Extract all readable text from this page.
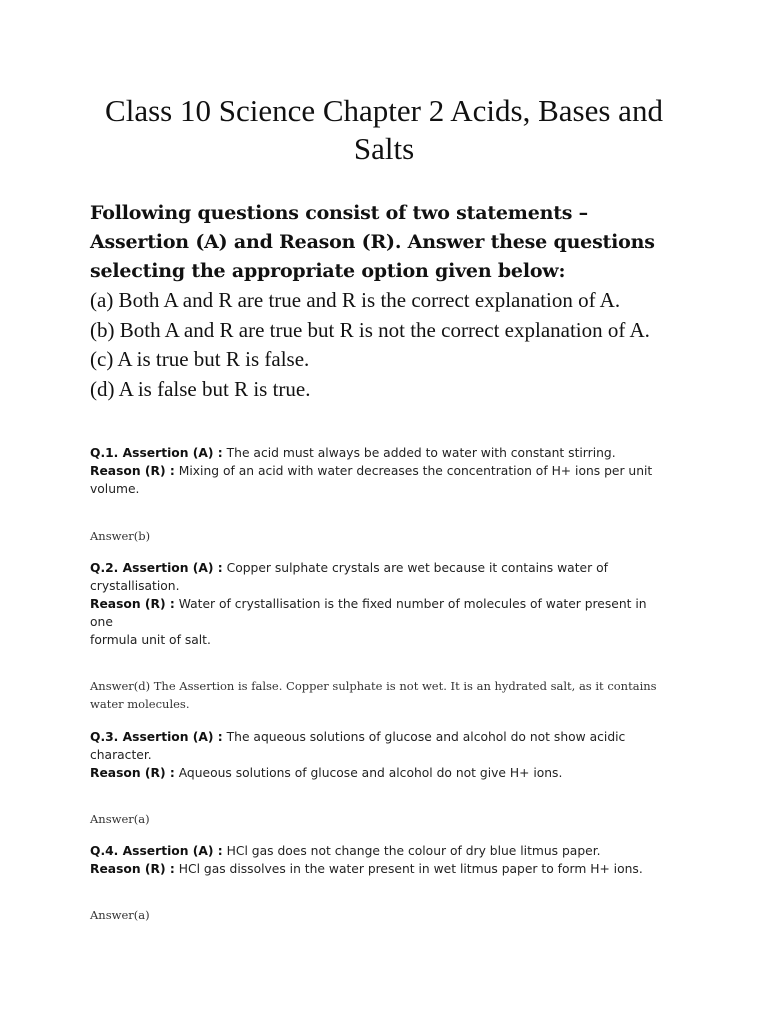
Class 10 Science Chapter 2 Acids, Bases and
Salts

Following questions consist of two statements – Assertion (A) and Reason (R). Answer these questions selecting the appropriate option given below:

(a) Both A and R are true and R is the correct explanation of A.
(b) Both A and R are true but R is not the correct explanation of A.
(c) A is true but R is false.
(d) A is false but R is true.
Q.1. Assertion (A) : The acid must always be added to water with constant stirring.
Reason (R) : Mixing of an acid with water decreases the concentration of H+ ions per unit volume.
Answer(b)
Q.2. Assertion (A) : Copper sulphate crystals are wet because it contains water of crystallisation.
Reason (R) : Water of crystallisation is the fixed number of molecules of water present in one
formula unit of salt.
Answer(d) The Assertion is false. Copper sulphate is not wet. It is an hydrated salt, as it contains water molecules.
Q.3. Assertion (A) : The aqueous solutions of glucose and alcohol do not show acidic character.
Reason (R) : Aqueous solutions of glucose and alcohol do not give H+ ions.
Answer(a)
Q.4. Assertion (A) : HCl gas does not change the colour of dry blue litmus paper.
Reason (R) : HCl gas dissolves in the water present in wet litmus paper to form H+ ions.
Answer(a)
